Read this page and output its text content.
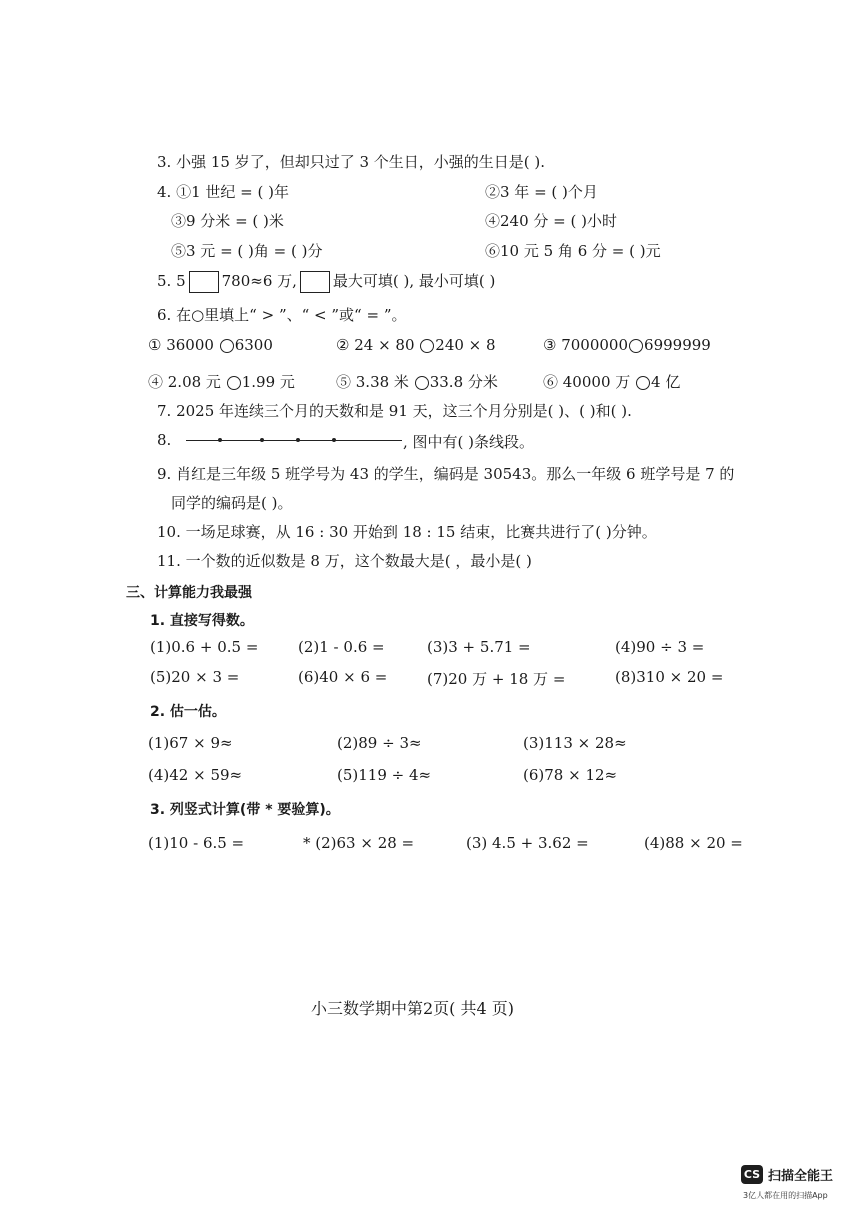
3. 小强 15 岁了，但却只过了 3 个生日，小强的生日是( ).
4. ①1 世纪 = ( )年	②3 年 = ( )个月
③9 分米 = ( )米	④240 分 = ( )小时
⑤3 元 = ( )角 = ( )分	⑥10 元 5 角 6 分 = ( )元
5. 5 780≈6 万, 最大可填( ), 最小可填( )
6. 在○里填上“ > ”、“ < ”或“ = ”。
① 36000 6300	② 24 × 80 240 × 8	③ 7000000 6999999
④ 2.08 元 1.99 元	⑤ 3.38 米 33.8 分米	⑥ 40000 万 4 亿
7. 2025 年连续三个月的天数和是 91 天，这三个月分别是( )、( )和( ).
8.	, 图中有( )条线段。
9. 肖红是三年级 5 班学号为 43 的学生，编码是 30543。那么一年级 6 班学号是 7 的
同学的编码是( )。
10. 一场足球赛，从 16 : 30 开始到 18 : 15 结束，比赛共进行了( )分钟。
11. 一个数的近似数是 8 万，这个数最大是( ，最小是( )
三、计算能力我最强
1. 直接写得数。
(1)0.6 + 0.5 =	(2)1 - 0.6 =	(3)3 + 5.71 =	(4)90 ÷ 3 =
(5)20 × 3 =	(6)40 × 6 =	(7)20 万 + 18 万 =	(8)310 × 20 =
2. 估一估。
(1)67 × 9≈	(2)89 ÷ 3≈	(3)113 × 28≈
(4)42 × 59≈	(5)119 ÷ 4≈	(6)78 × 12≈
3. 列竖式计算(带 * 要验算)。
(1)10 - 6.5 =	* (2)63 × 28 =	(3) 4.5 + 3.62 =	(4)88 × 20 =
小三数学期中第2页( 共4 页)
CS 扫描全能王
3亿人都在用的扫描App
